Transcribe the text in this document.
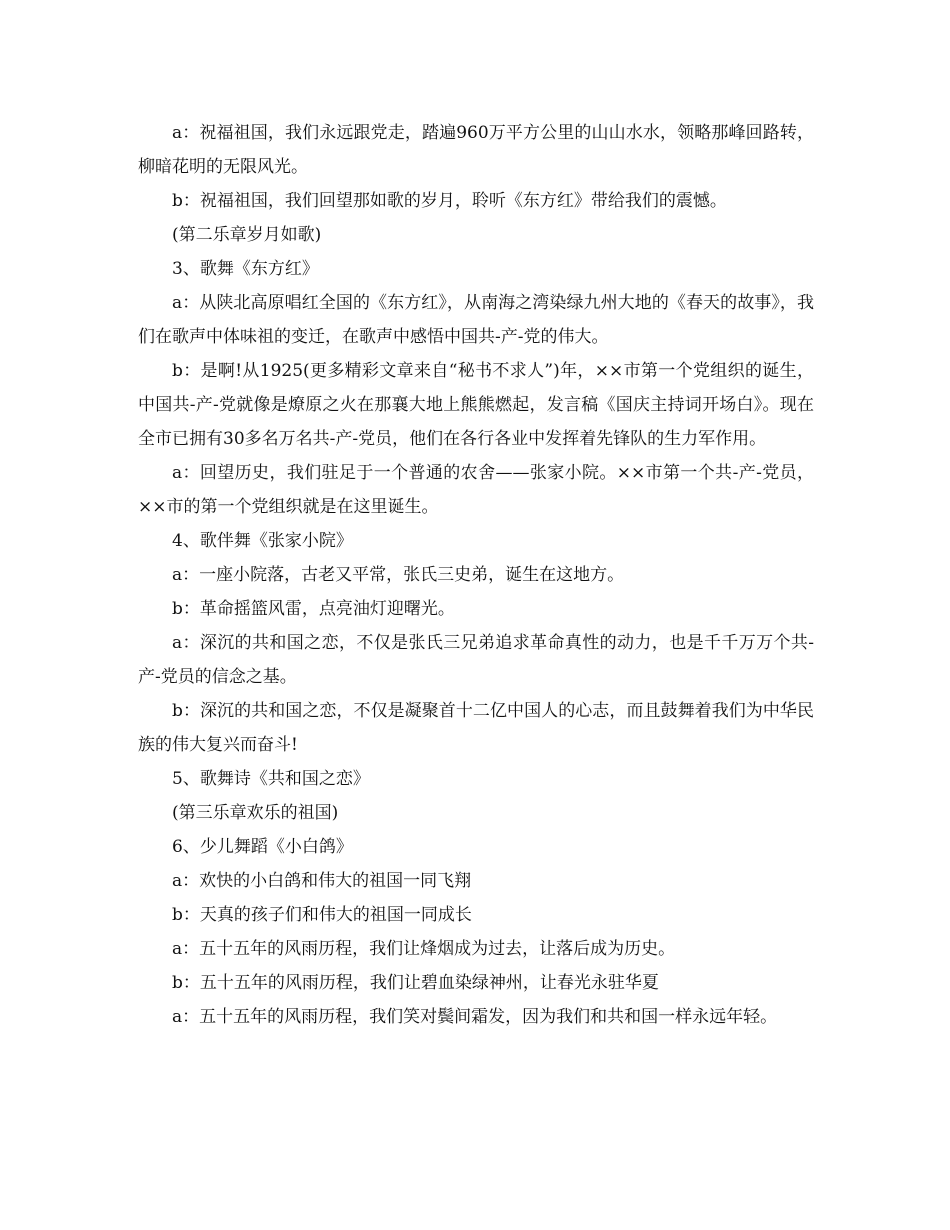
a：祝福祖国，我们永远跟党走，踏遍960万平方公里的山山水水，领略那峰回路转，柳暗花明的无限风光。

b：祝福祖国，我们回望那如歌的岁月，聆听《东方红》带给我们的震憾。

(第二乐章岁月如歌)

3、歌舞《东方红》

a：从陕北高原唱红全国的《东方红》，从南海之湾染绿九州大地的《春天的故事》，我们在歌声中体味祖的变迁，在歌声中感悟中国共-产-党的伟大。

b：是啊!从1925(更多精彩文章来自“秘书不求人”)年，××市第一个党组织的诞生，中国共-产-党就像是燎原之火在那襄大地上熊熊燃起，发言稿《国庆主持词开场白》。现在全市已拥有30多名万名共-产-党员，他们在各行各业中发挥着先锋队的生力军作用。

a：回望历史，我们驻足于一个普通的农舍——张家小院。××市第一个共-产-党员，××市的第一个党组织就是在这里诞生。

4、歌伴舞《张家小院》

a：一座小院落，古老又平常，张氏三史弟，诞生在这地方。

b：革命摇篮风雷，点亮油灯迎曙光。

a：深沉的共和国之恋，不仅是张氏三兄弟追求革命真性的动力，也是千千万万个共-产-党员的信念之基。

b：深沉的共和国之恋，不仅是凝聚首十二亿中国人的心志，而且鼓舞着我们为中华民族的伟大复兴而奋斗!

5、歌舞诗《共和国之恋》

(第三乐章欢乐的祖国)

6、少儿舞蹈《小白鸽》

a：欢快的小白鸽和伟大的祖国一同飞翔

b：天真的孩子们和伟大的祖国一同成长

a：五十五年的风雨历程，我们让烽烟成为过去，让落后成为历史。

b：五十五年的风雨历程，我们让碧血染绿神州，让春光永驻华夏

a：五十五年的风雨历程，我们笑对鬓间霜发，因为我们和共和国一样永远年轻。
